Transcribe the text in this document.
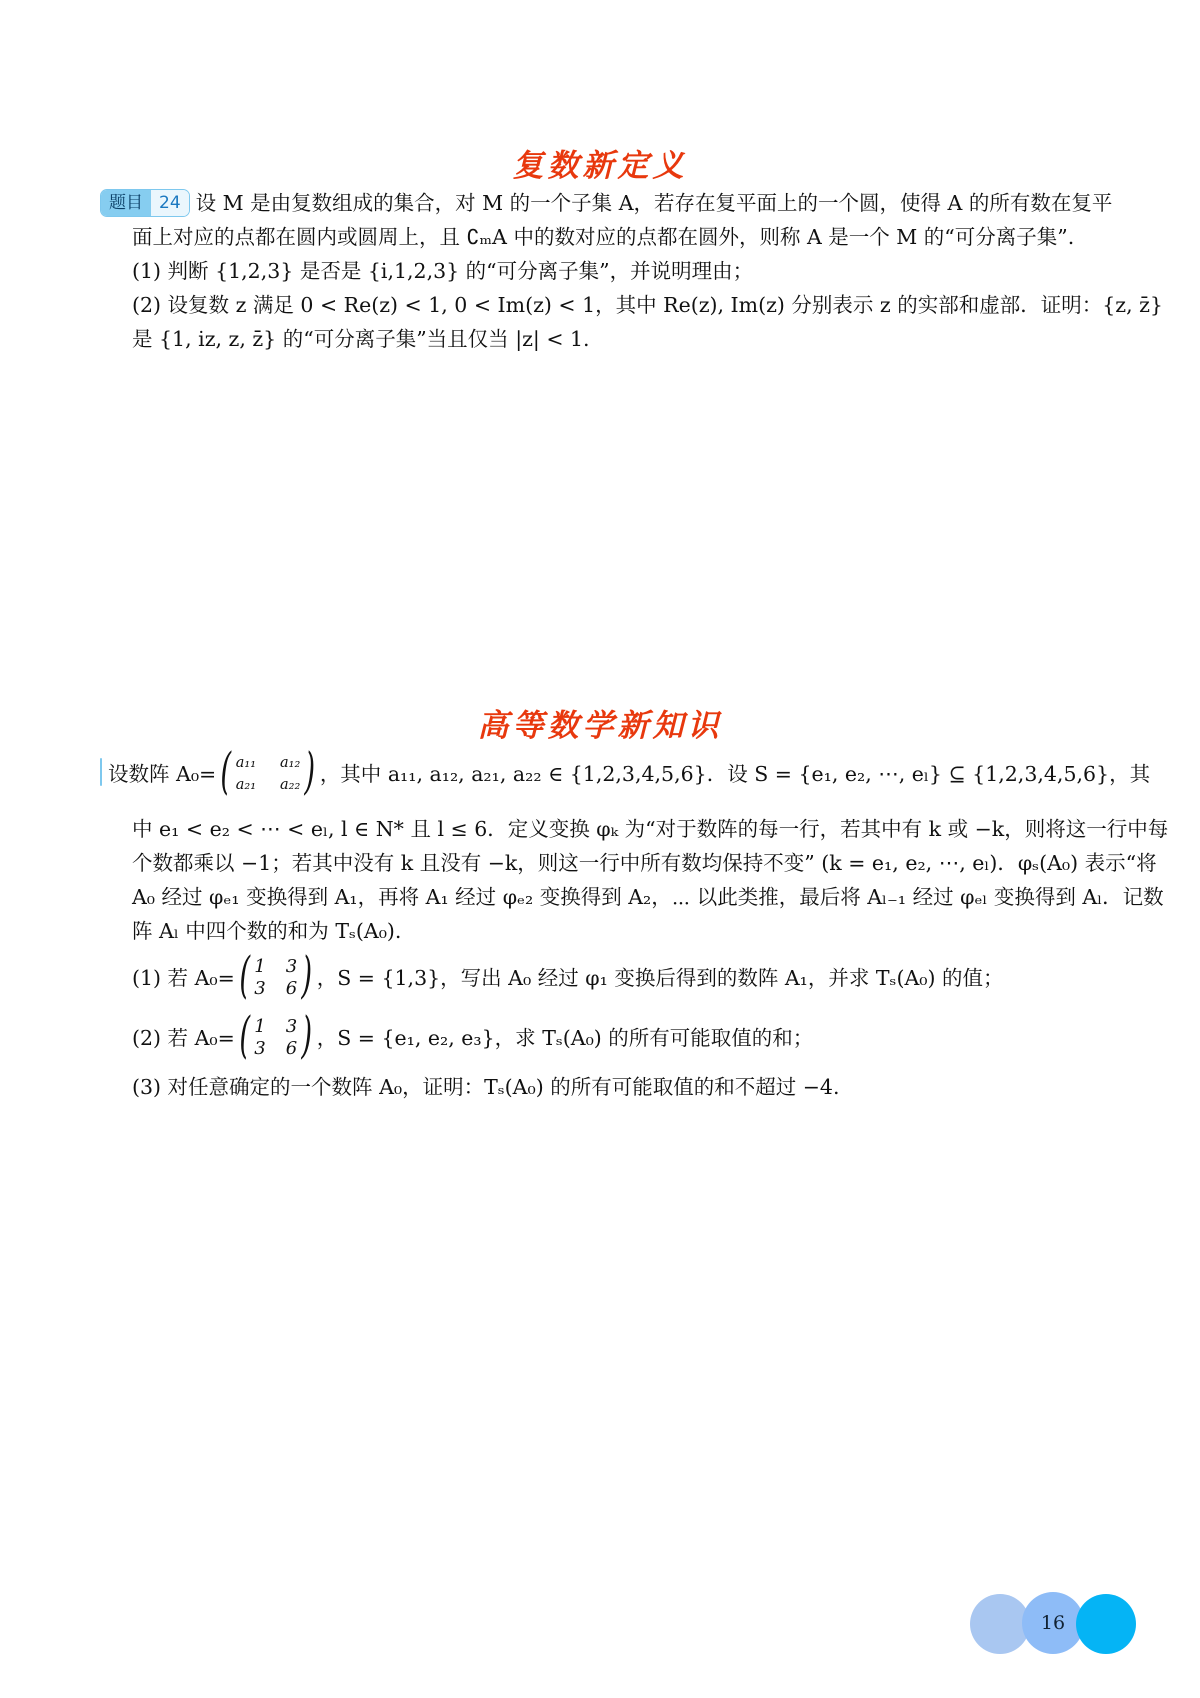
复数新定义
题目 24 设 M 是由复数组成的集合，对 M 的一个子集 A，若存在复平面上的一个圆，使得 A 的所有数在复平
面上对应的点都在圆内或圆周上，且 ∁ₘA 中的数对应的点都在圆外，则称 A 是一个 M 的“可分离子集”.
(1) 判断 {1,2,3} 是否是 {i,1,2,3} 的“可分离子集”，并说明理由；
(2) 设复数 z 满足 0 < Re(z) < 1, 0 < Im(z) < 1，其中 Re(z), Im(z) 分别表示 z 的实部和虚部．证明：{z, z̄}
是 {1, iz, z, z̄} 的“可分离子集”当且仅当 |z| < 1.
高等数学新知识
设数阵 A₀= ( a₁₁ a₁₂
a₂₁ a₂₂ ) ，其中 a₁₁, a₁₂, a₂₁, a₂₂ ∈ {1,2,3,4,5,6}．设 S = {e₁, e₂, ⋯, eₗ} ⊆ {1,2,3,4,5,6}，其
中 e₁ < e₂ < ⋯ < eₗ, l ∈ N* 且 l ≤ 6．定义变换 φₖ 为“对于数阵的每一行，若其中有 k 或 −k，则将这一行中每
个数都乘以 −1；若其中没有 k 且没有 −k，则这一行中所有数均保持不变” (k = e₁, e₂, ⋯, eₗ)．φₛ(A₀) 表示“将
A₀ 经过 φₑ₁ 变换得到 A₁，再将 A₁ 经过 φₑ₂ 变换得到 A₂，⋯ 以此类推，最后将 Aₗ₋₁ 经过 φₑₗ 变换得到 Aₗ．记数
阵 Aₗ 中四个数的和为 Tₛ(A₀).
(1) 若 A₀= ( 1 3
3 6 ) ，S = {1,3}，写出 A₀ 经过 φ₁ 变换后得到的数阵 A₁，并求 Tₛ(A₀) 的值；
(2) 若 A₀= ( 1 3
3 6 ) ，S = {e₁, e₂, e₃}，求 Tₛ(A₀) 的所有可能取值的和；
(3) 对任意确定的一个数阵 A₀，证明：Tₛ(A₀) 的所有可能取值的和不超过 −4.
16
